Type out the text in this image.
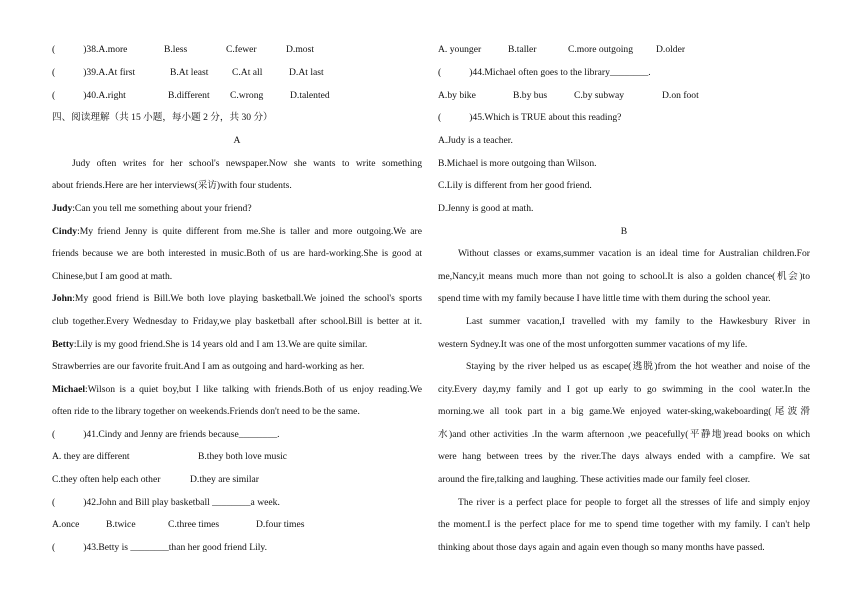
(	)38.A.more	B.less	C.fewer	D.most
(	)39.A.At first	B.At least C.At all	D.At last
(	)40.A.right	B.different C.wrong	D.talented
四、阅读理解（共 15 小题，每小题 2 分，共 30 分）
A
Judy often writes for her school's newspaper.Now she wants to write something
about friends.Here are her interviews(采访)with four students.
Judy:Can you tell me something about your friend?
Cindy:My friend Jenny is quite different from me.She is taller and more outgoing.We are
friends because we are both interested in music.Both of us are hard-working.She is good at
Chinese,but I am good at math.
John:My good friend is Bill.We both love playing basketball.We joined the school's sports
club together.Every Wednesday to Friday,we play basketball after school.Bill is better at it.
Betty:Lily is my good friend.She is 14 years old and I am 13.We are quite similar.
Strawberries are our favorite fruit.And I am as outgoing and hard-working as her.
Michael:Wilson is a quiet boy,but I like talking with friends.Both of us enjoy reading.We
often ride to the library together on weekends.Friends don't need to be the same.
(	)41.Cindy and Jenny are friends because________.
A. they are different	B.they both love music
C.they often help each other	D.they are similar
(	)42.John and Bill play basketball ________a week.
A.once	B.twice	C.three times	D.four times
(	)43.Betty is ________than her good friend Lily.
A. younger	B.taller	C.more outgoing D.older
(	)44.Michael often goes to the library________.
A.by bike	B.by bus	C.by subway	D.on foot
(	)45.Which is TRUE about this reading?
A.Judy is a teacher.
B.Michael is more outgoing than Wilson.
C.Lily is different from her good friend.
D.Jenny is good at math.
B
Without classes or exams,summer vacation is an ideal time for Australian children.For
me,Nancy,it means much more than not going to school.It is also a golden chance(机会)to
spend time with my family because I have little time with them during the school year.
Last summer vacation,I travelled with my family to the Hawkesbury River in
western Sydney.It was one of the most unforgotten summer vacations of my life.
Staying by the river helped us as escape(逃脱)from the hot weather and noise of the
city.Every day,my family and I got up early to go swimming in the cool water.In the
morning.we all took part in a big game.We enjoyed water-sking,wakeboarding(尾波滑
水)and other activities .In the warm afternoon ,we peacefully(平静地)read books on which
were hang between trees by the river.The days always ended with a campfire. We sat
around the fire,talking and laughing. These activities made our family feel closer.
The river is a perfect place for people to forget all the stresses of life and simply enjoy
the moment.I is the perfect place for me to spend time together with my family. I can't help
thinking about those days again and again even though so many months have passed.
